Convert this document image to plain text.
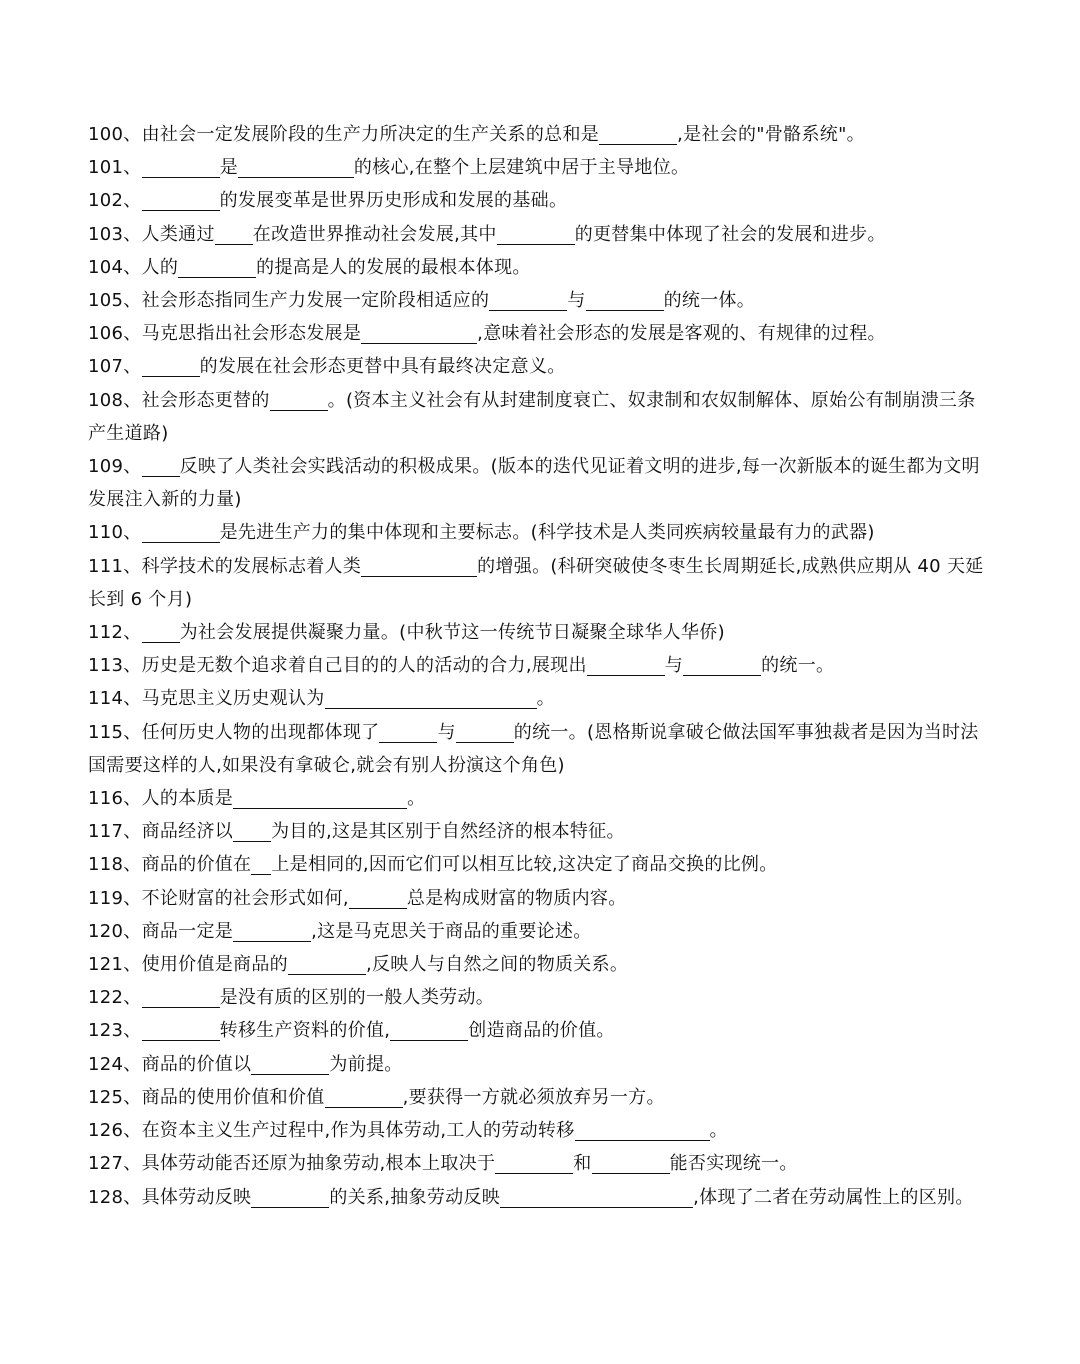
100、由社会一定发展阶段的生产力所决定的生产关系的总和是	,是社会的"骨骼系统"。

101、	是	的核心,在整个上层建筑中居于主导地位。

102、	的发展变革是世界历史形成和发展的基础。

103、人类通过 在改造世界推动社会发展,其中	的更替集中体现了社会的发展和进步。

104、人的	的提高是人的发展的最根本体现。

105、社会形态指同生产力发展一定阶段相适应的	与	的统一体。

106、马克思指出社会形态发展是	,意味着社会形态的发展是客观的、有规律的过程。

107、	的发展在社会形态更替中具有最终决定意义。

108、社会形态更替的	。(资本主义社会有从封建制度衰亡、奴隶制和农奴制解体、原始公有制崩溃三条产生道路)

109、 反映了人类社会实践活动的积极成果。(版本的迭代见证着文明的进步,每一次新版本的诞生都为文明发展注入新的力量)

110、	是先进生产力的集中体现和主要标志。(科学技术是人类同疾病较量最有力的武器)

111、科学技术的发展标志着人类	的增强。(科研突破使冬枣生长周期延长,成熟供应期从 40 天延长到 6 个月)

112、 为社会发展提供凝聚力量。(中秋节这一传统节日凝聚全球华人华侨)

113、历史是无数个追求着自己目的的人的活动的合力,展现出	与	的统一。

114、马克思主义历史观认为	。

115、任何历史人物的出现都体现了	与	的统一。(恩格斯说拿破仑做法国军事独裁者是因为当时法国需要这样的人,如果没有拿破仑,就会有别人扮演这个角色)

116、人的本质是	。

117、商品经济以 为目的,这是其区别于自然经济的根本特征。

118、商品的价值在 上是相同的,因而它们可以相互比较,这决定了商品交换的比例。

119、不论财富的社会形式如何,	总是构成财富的物质内容。

120、商品一定是	,这是马克思关于商品的重要论述。

121、使用价值是商品的	,反映人与自然之间的物质关系。

122、	是没有质的区别的一般人类劳动。

123、	转移生产资料的价值,	创造商品的价值。

124、商品的价值以	为前提。

125、商品的使用价值和价值	,要获得一方就必须放弃另一方。

126、在资本主义生产过程中,作为具体劳动,工人的劳动转移	。

127、具体劳动能否还原为抽象劳动,根本上取决于	和	能否实现统一。

128、具体劳动反映	的关系,抽象劳动反映	,体现了二者在劳动属性上的区别。
